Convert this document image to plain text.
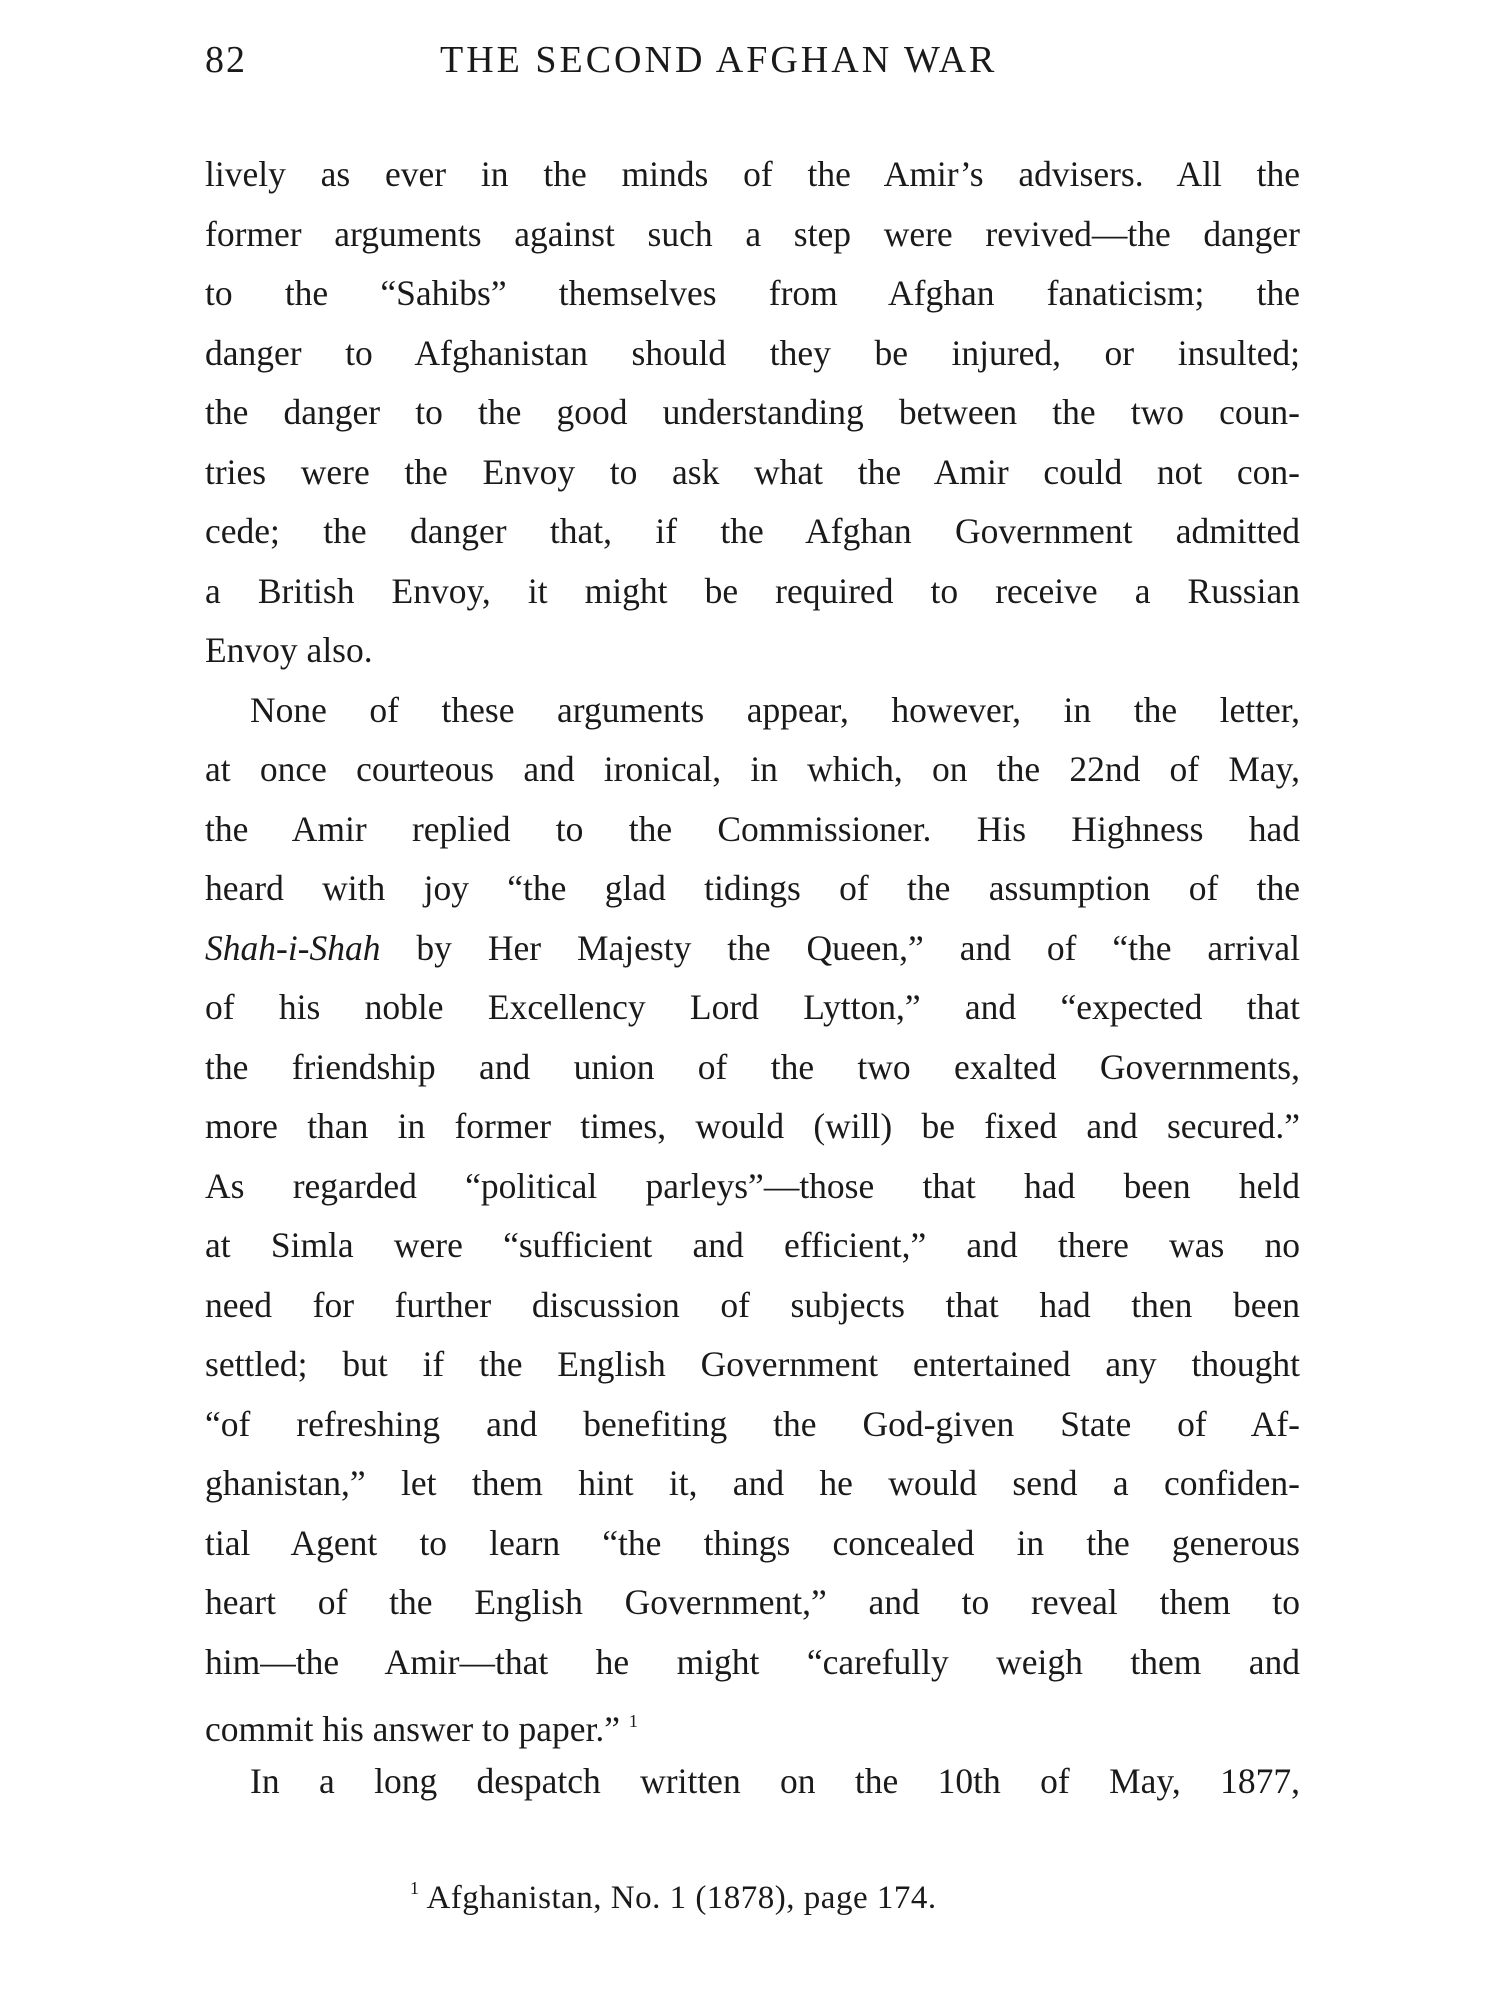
82	THE SECOND AFGHAN WAR
lively as ever in the minds of the Amir’s advisers. All the
former arguments against such a step were revived—the danger
to the “Sahibs” themselves from Afghan fanaticism; the
danger to Afghanistan should they be injured, or insulted;
the danger to the good understanding between the two coun-
tries were the Envoy to ask what the Amir could not con-
cede; the danger that, if the Afghan Government admitted
a British Envoy, it might be required to receive a Russian
Envoy also.
None of these arguments appear, however, in the letter,
at once courteous and ironical, in which, on the 22nd of May,
the Amir replied to the Commissioner. His Highness had
heard with joy “the glad tidings of the assumption of the
Shah-i-Shah by Her Majesty the Queen,” and of “the arrival
of his noble Excellency Lord Lytton,” and “expected that
the friendship and union of the two exalted Governments,
more than in former times, would (will) be fixed and secured.”
As regarded “political parleys”—those that had been held
at Simla were “sufficient and efficient,” and there was no
need for further discussion of subjects that had then been
settled; but if the English Government entertained any thought
“of refreshing and benefiting the God-given State of Af-
ghanistan,” let them hint it, and he would send a confiden-
tial Agent to learn “the things concealed in the generous
heart of the English Government,” and to reveal them to
him—the Amir—that he might “carefully weigh them and
commit his answer to paper.” $^1$
In a long despatch written on the 10th of May, 1877,
$^1$ Afghanistan, No. 1 (1878), page 174.
